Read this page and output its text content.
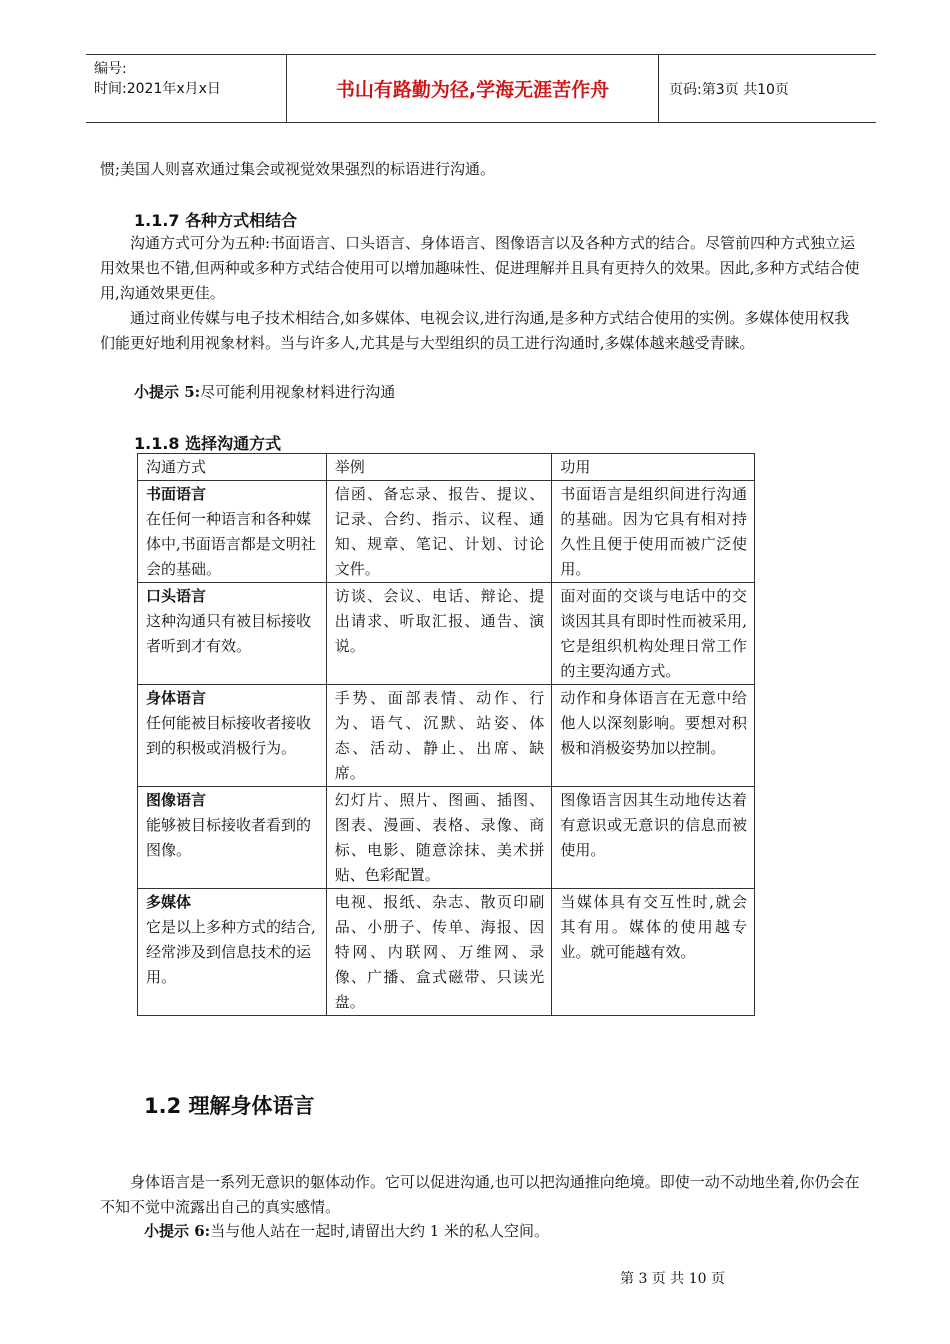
编号:
时间:2021年x月x日	书山有路勤为径,学海无涯苦作舟	页码:第3页 共10页
惯;美国人则喜欢通过集会或视觉效果强烈的标语进行沟通。
1.1.7 各种方式相结合
沟通方式可分为五种:书面语言、口头语言、身体语言、图像语言以及各种方式的结合。尽管前四种方式独立运用效果也不错,但两种或多种方式结合使用可以增加趣味性、促进理解并且具有更持久的效果。因此,多种方式结合使用,沟通效果更佳。
通过商业传媒与电子技术相结合,如多媒体、电视会议,进行沟通,是多种方式结合使用的实例。多媒体使用权我们能更好地利用视象材料。当与许多人,尤其是与大型组织的员工进行沟通时,多媒体越来越受青睐。
小提示 5:尽可能利用视象材料进行沟通
1.1.8 选择沟通方式
沟通方式	举例	功用

书面语言
在任何一种语言和各种媒体中,书面语言都是文明社会的基础。	信函、备忘录、报告、提议、记录、合约、指示、议程、通知、规章、笔记、计划、讨论文件。	书面语言是组织间进行沟通的基础。因为它具有相对持久性且便于使用而被广泛使用。

口头语言
这种沟通只有被目标接收者听到才有效。	访谈、会议、电话、辩论、提出请求、听取汇报、通告、演说。	面对面的交谈与电话中的交谈因其具有即时性而被采用,它是组织机构处理日常工作的主要沟通方式。

身体语言
任何能被目标接收者接收到的积极或消极行为。	手势、面部表情、动作、行为、语气、沉默、站姿、体态、活动、静止、出席、缺席。	动作和身体语言在无意中给他人以深刻影响。要想对积极和消极姿势加以控制。

图像语言
能够被目标接收者看到的图像。	幻灯片、照片、图画、插图、图表、漫画、表格、录像、商标、电影、随意涂抹、美术拼贴、色彩配置。	图像语言因其生动地传达着有意识或无意识的信息而被使用。

多媒体
它是以上多种方式的结合,经常涉及到信息技术的运用。	电视、报纸、杂志、散页印刷品、小册子、传单、海报、因特网、内联网、万维网、录像、广播、盒式磁带、只读光盘。	当媒体具有交互性时,就会 其有用。媒体的使用越专业。就可能越有效。
1.2 理解身体语言
身体语言是一系列无意识的躯体动作。它可以促进沟通,也可以把沟通推向绝境。即使一动不动地坐着,你仍会在不知不觉中流露出自己的真实感情。
小提示 6:当与他人站在一起时,请留出大约 1 米的私人空间。
第 3 页 共 10 页
